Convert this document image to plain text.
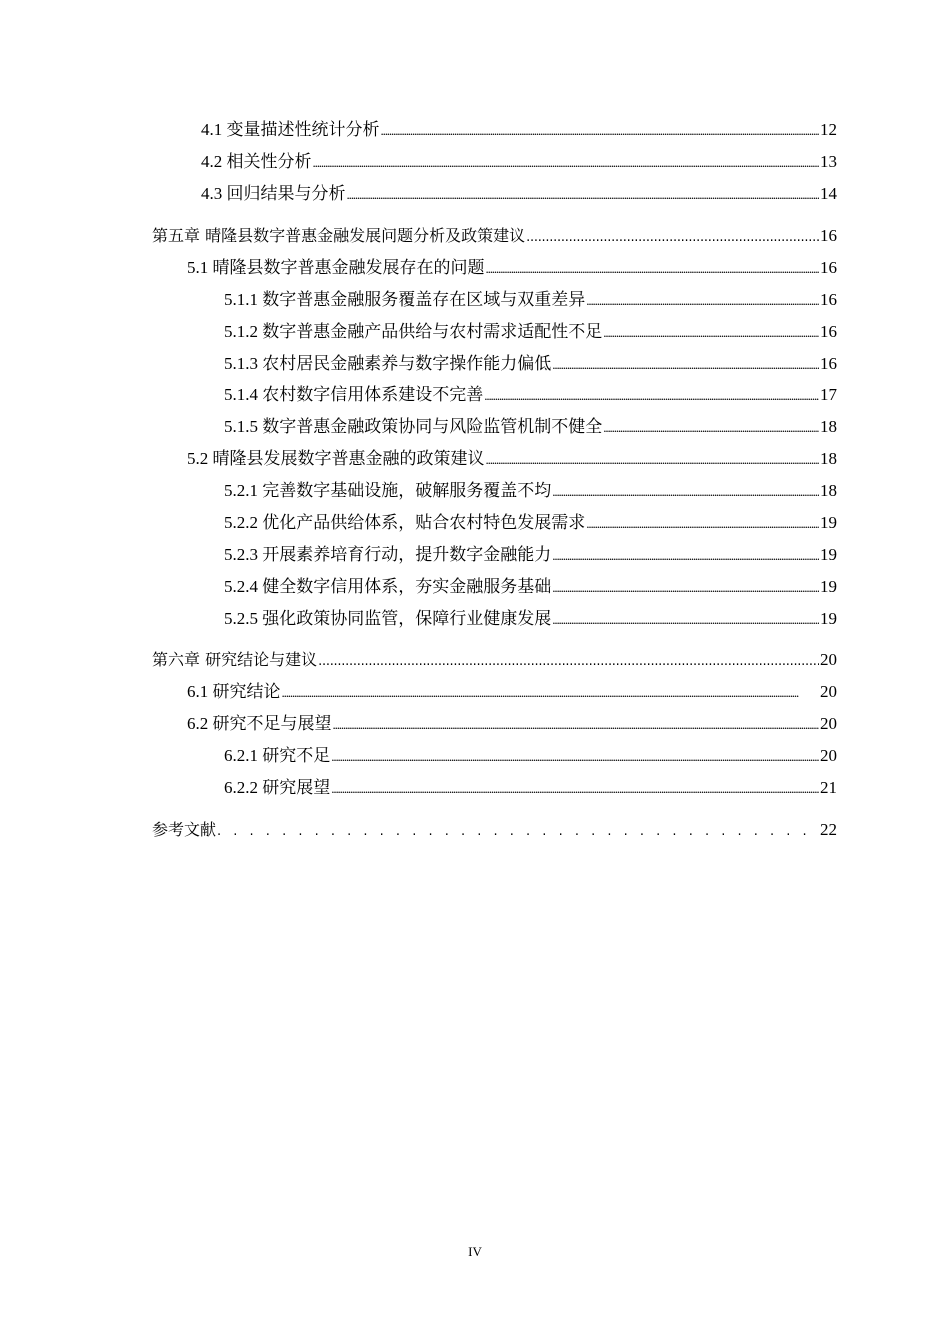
4.1 变量描述性统计分析 . . .	12
4.2 相关性分析 . . .	13
4.3 回归结果与分析 . . .	14
第五章 晴隆县数字普惠金融发展问题分析及政策建议 . . .	16
5.1 晴隆县数字普惠金融发展存在的问题 . . .	16
5.1.1 数字普惠金融服务覆盖存在区域与双重差异 . . .	16
5.1.2 数字普惠金融产品供给与农村需求适配性不足 . . .	16
5.1.3 农村居民金融素养与数字操作能力偏低 . . .	16
5.1.4 农村数字信用体系建设不完善 . . .	17
5.1.5 数字普惠金融政策协同与风险监管机制不健全 . . .	18
5.2 晴隆县发展数字普惠金融的政策建议 . . .	18
5.2.1 完善数字基础设施，破解服务覆盖不均 . . .	18
5.2.2 优化产品供给体系，贴合农村特色发展需求 . . .	19
5.2.3 开展素养培育行动，提升数字金融能力 . . .	19
5.2.4 健全数字信用体系，夯实金融服务基础 . . .	19
5.2.5 强化政策协同监管，保障行业健康发展 . . .	19
第六章 研究结论与建议 . . .	20
6.1 研究结论 . . .	20
6.2 研究不足与展望 . . .	20
6.2.1 研究不足 . . .	20
6.2.2 研究展望 . . .	21
参考文献 . . .	22
IV
